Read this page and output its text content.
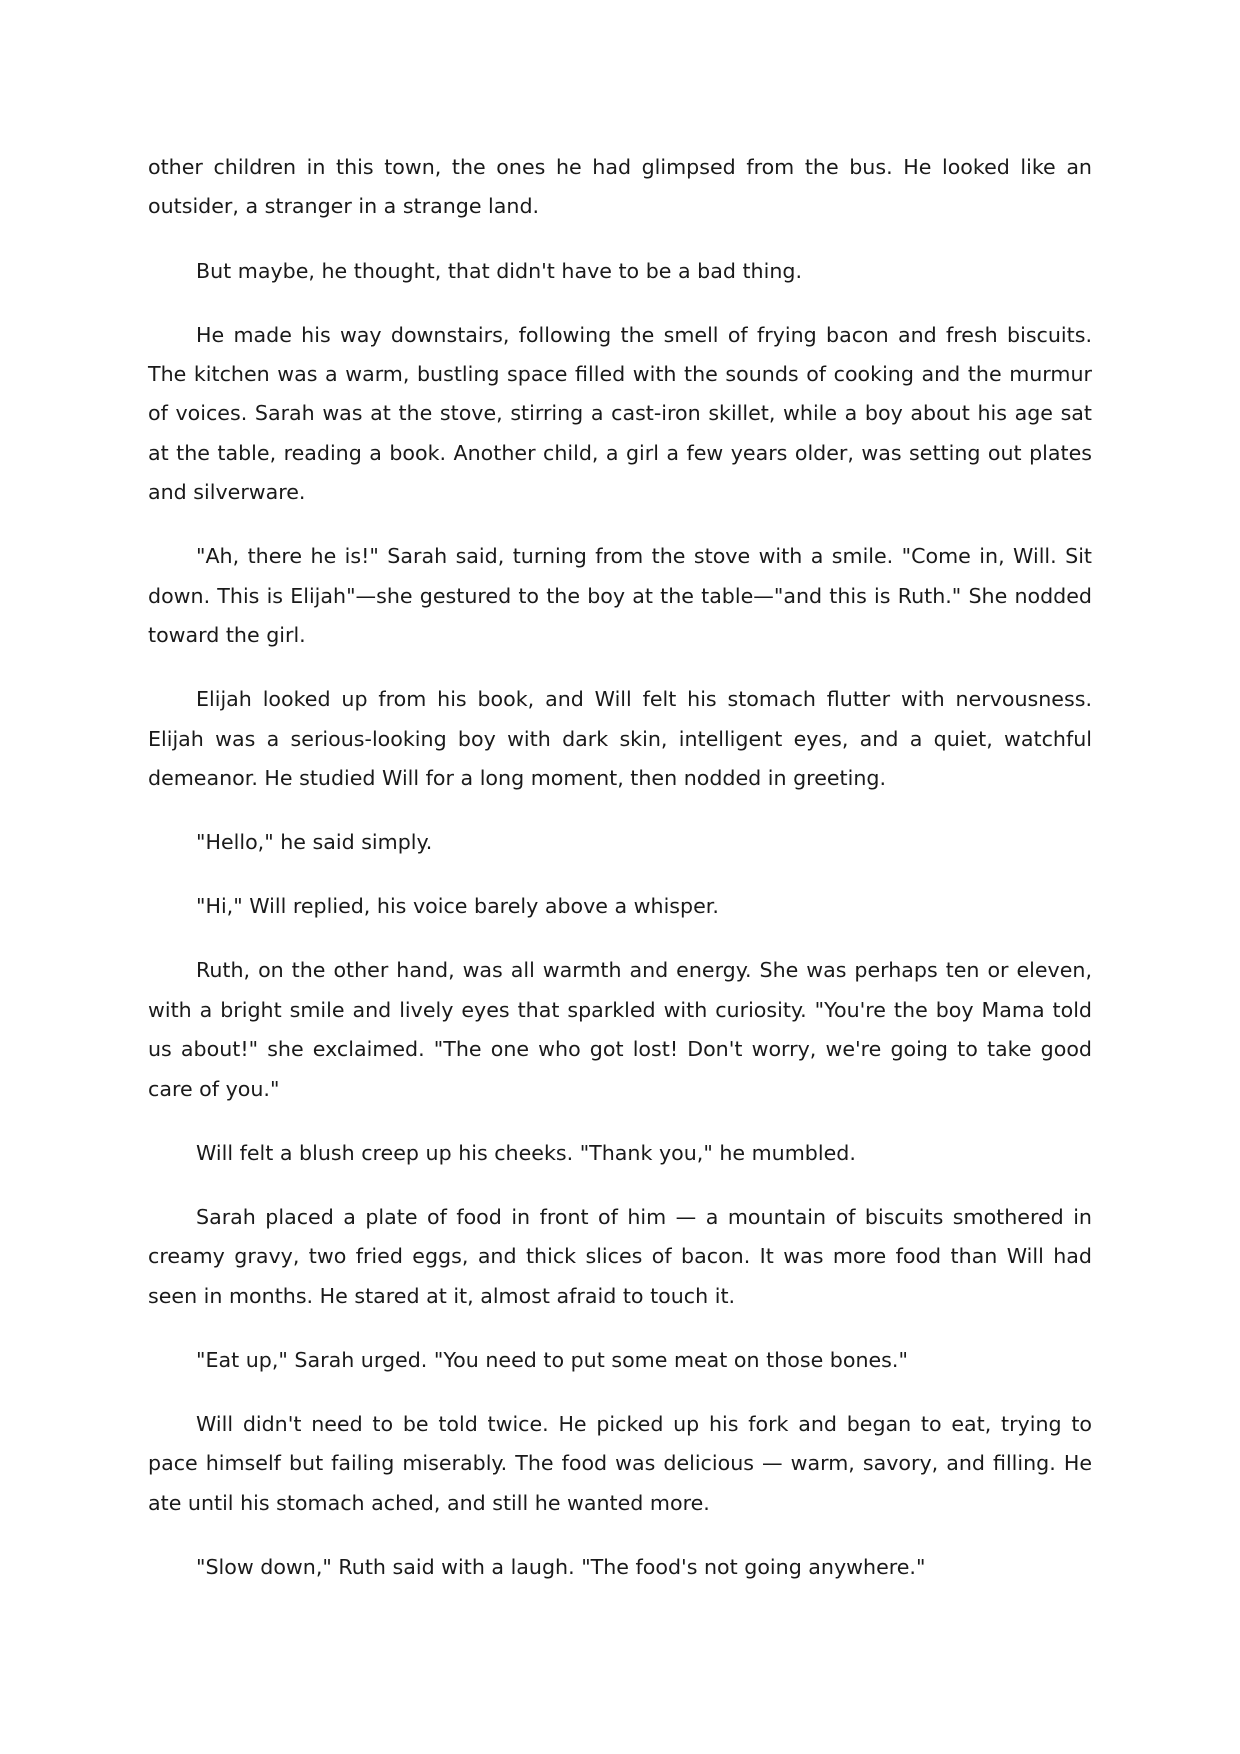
other children in this town, the ones he had glimpsed from the bus. He looked like an outsider, a stranger in a strange land.

But maybe, he thought, that didn't have to be a bad thing.

He made his way downstairs, following the smell of frying bacon and fresh biscuits. The kitchen was a warm, bustling space filled with the sounds of cooking and the murmur of voices. Sarah was at the stove, stirring a cast-iron skillet, while a boy about his age sat at the table, reading a book. Another child, a girl a few years older, was setting out plates and silverware.

"Ah, there he is!" Sarah said, turning from the stove with a smile. "Come in, Will. Sit down. This is Elijah"—she gestured to the boy at the table—"and this is Ruth." She nodded toward the girl.

Elijah looked up from his book, and Will felt his stomach flutter with nervousness. Elijah was a serious-looking boy with dark skin, intelligent eyes, and a quiet, watchful demeanor. He studied Will for a long moment, then nodded in greeting.

"Hello," he said simply.

"Hi," Will replied, his voice barely above a whisper.

Ruth, on the other hand, was all warmth and energy. She was perhaps ten or eleven, with a bright smile and lively eyes that sparkled with curiosity. "You're the boy Mama told us about!" she exclaimed. "The one who got lost! Don't worry, we're going to take good care of you."

Will felt a blush creep up his cheeks. "Thank you," he mumbled.

Sarah placed a plate of food in front of him — a mountain of biscuits smothered in creamy gravy, two fried eggs, and thick slices of bacon. It was more food than Will had seen in months. He stared at it, almost afraid to touch it.

"Eat up," Sarah urged. "You need to put some meat on those bones."

Will didn't need to be told twice. He picked up his fork and began to eat, trying to pace himself but failing miserably. The food was delicious — warm, savory, and filling. He ate until his stomach ached, and still he wanted more.

"Slow down," Ruth said with a laugh. "The food's not going anywhere."
